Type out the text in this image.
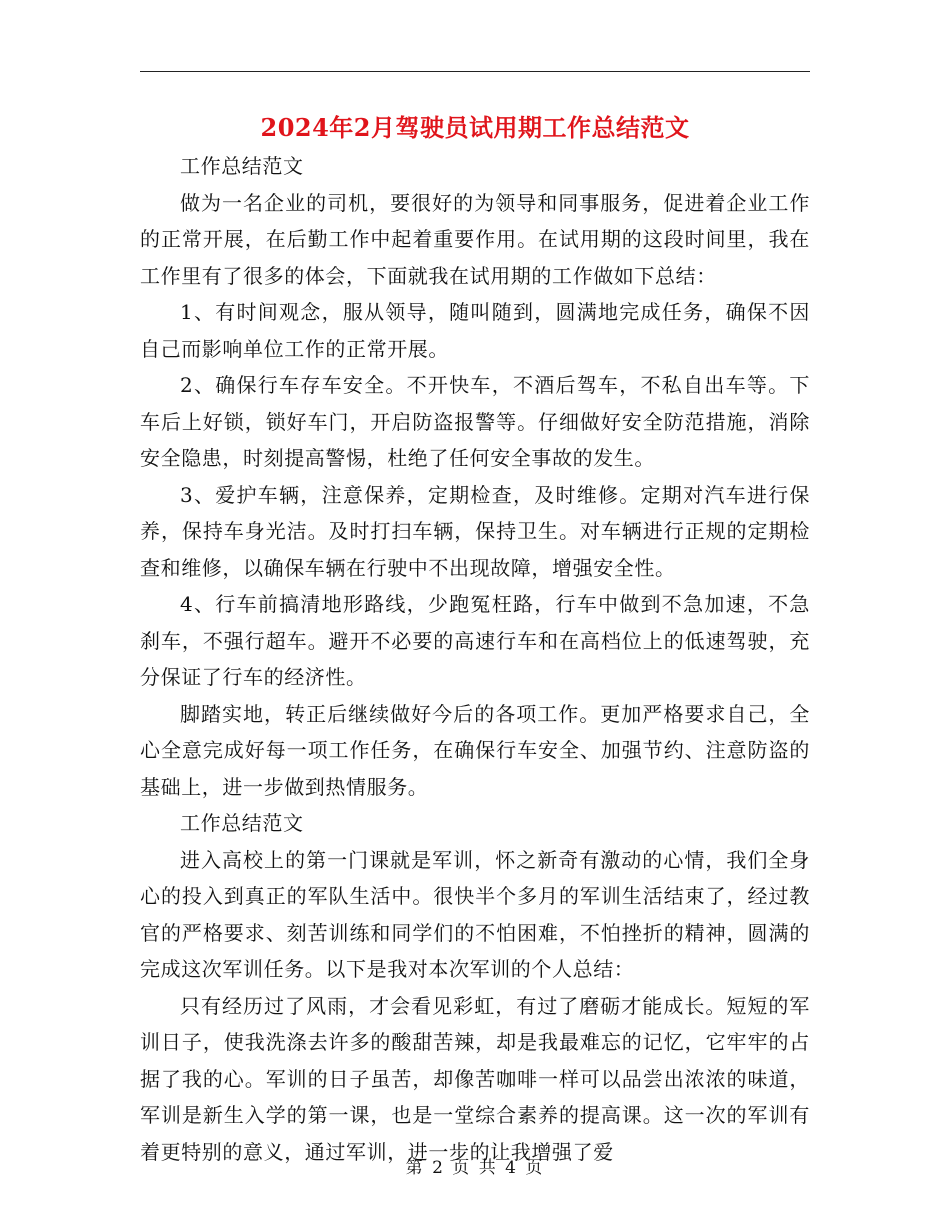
2024年2月驾驶员试用期工作总结范文

工作总结范文

做为一名企业的司机，要很好的为领导和同事服务，促进着企业工作的正常开展，在后勤工作中起着重要作用。在试用期的这段时间里，我在工作里有了很多的体会，下面就我在试用期的工作做如下总结：

1、有时间观念，服从领导，随叫随到，圆满地完成任务，确保不因自己而影响单位工作的正常开展。

2、确保行车存车安全。不开快车，不酒后驾车，不私自出车等。下车后上好锁，锁好车门，开启防盗报警等。仔细做好安全防范措施，消除安全隐患，时刻提高警惕，杜绝了任何安全事故的发生。

3、爱护车辆，注意保养，定期检查，及时维修。定期对汽车进行保养，保持车身光洁。及时打扫车辆，保持卫生。对车辆进行正规的定期检查和维修，以确保车辆在行驶中不出现故障，增强安全性。

4、行车前搞清地形路线，少跑冤枉路，行车中做到不急加速，不急刹车，不强行超车。避开不必要的高速行车和在高档位上的低速驾驶，充分保证了行车的经济性。

脚踏实地，转正后继续做好今后的各项工作。更加严格要求自己，全心全意完成好每一项工作任务，在确保行车安全、加强节约、注意防盗的基础上，进一步做到热情服务。

工作总结范文

进入高校上的第一门课就是军训，怀之新奇有激动的心情，我们全身心的投入到真正的军队生活中。很快半个多月的军训生活结束了，经过教官的严格要求、刻苦训练和同学们的不怕困难，不怕挫折的精神，圆满的完成这次军训任务。以下是我对本次军训的个人总结：

只有经历过了风雨，才会看见彩虹，有过了磨砺才能成长。短短的军训日子，使我洗涤去许多的酸甜苦辣，却是我最难忘的记忆，它牢牢的占据了我的心。军训的日子虽苦，却像苦咖啡一样可以品尝出浓浓的味道，军训是新生入学的第一课，也是一堂综合素养的提高课。这一次的军训有着更特别的意义，通过军训，进一步的让我增强了爱

第 2 页 共 4 页
